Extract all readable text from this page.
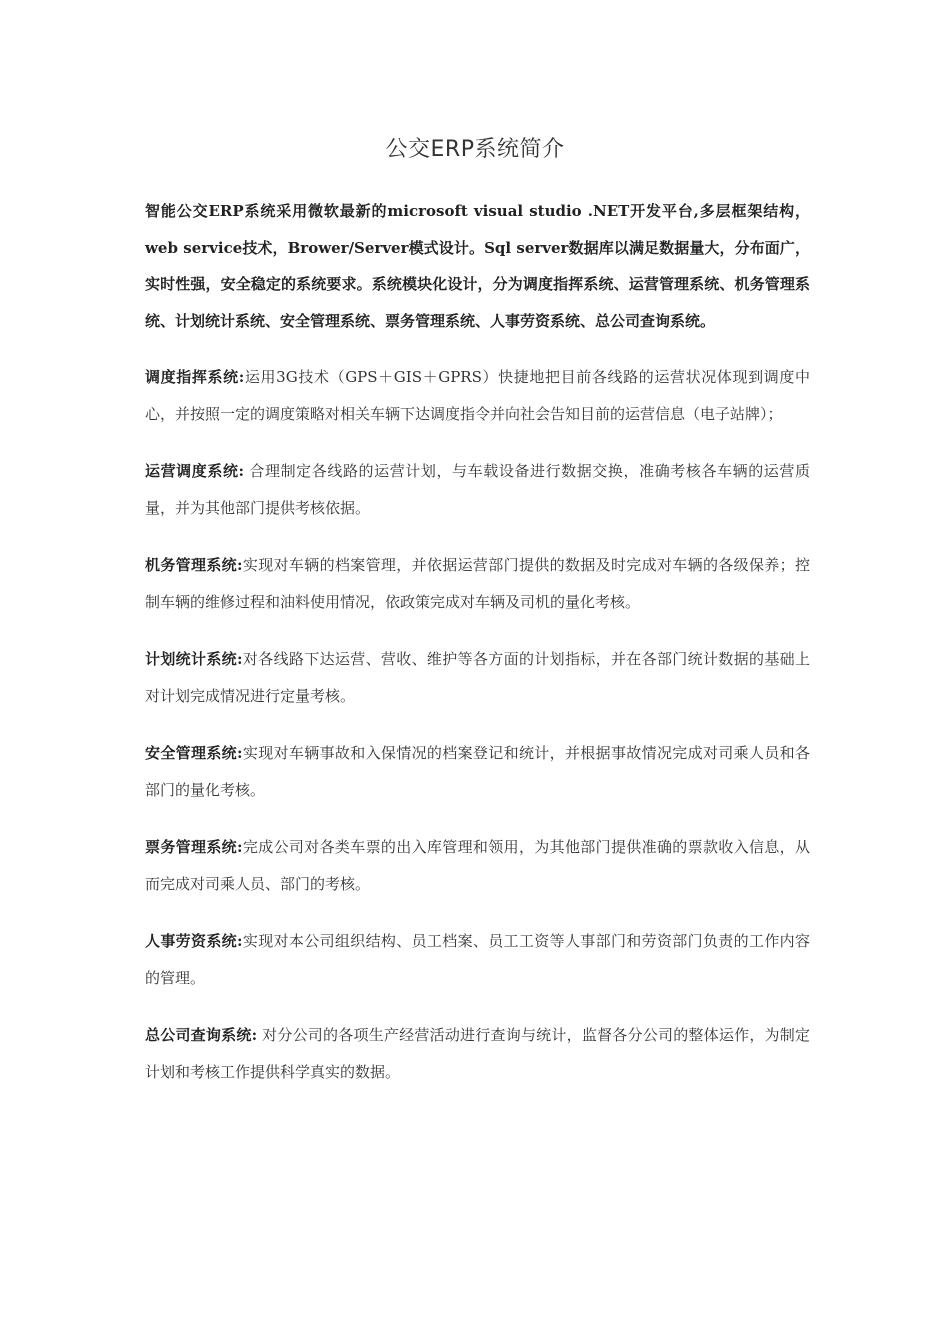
公交ERP系统简介

智能公交ERP系统采用微软最新的microsoft visual studio .NET开发平台,多层框架结构，web service技术，Brower/Server模式设计。Sql server数据库以满足数据量大，分布面广，实时性强，安全稳定的系统要求。系统模块化设计，分为调度指挥系统、运营管理系统、机务管理系统、计划统计系统、安全管理系统、票务管理系统、人事劳资系统、总公司查询系统。

调度指挥系统:运用3G技术（GPS＋GIS＋GPRS）快捷地把目前各线路的运营状况体现到调度中心，并按照一定的调度策略对相关车辆下达调度指令并向社会告知目前的运营信息（电子站牌）；

运营调度系统: 合理制定各线路的运营计划，与车载设备进行数据交换，准确考核各车辆的运营质量，并为其他部门提供考核依据。

机务管理系统:实现对车辆的档案管理，并依据运营部门提供的数据及时完成对车辆的各级保养；控制车辆的维修过程和油料使用情况，依政策完成对车辆及司机的量化考核。

计划统计系统:对各线路下达运营、营收、维护等各方面的计划指标，并在各部门统计数据的基础上对计划完成情况进行定量考核。

安全管理系统:实现对车辆事故和入保情况的档案登记和统计，并根据事故情况完成对司乘人员和各部门的量化考核。

票务管理系统:完成公司对各类车票的出入库管理和领用，为其他部门提供准确的票款收入信息，从而完成对司乘人员、部门的考核。

人事劳资系统:实现对本公司组织结构、员工档案、员工工资等人事部门和劳资部门负责的工作内容的管理。

总公司查询系统: 对分公司的各项生产经营活动进行查询与统计，监督各分公司的整体运作，为制定计划和考核工作提供科学真实的数据。
